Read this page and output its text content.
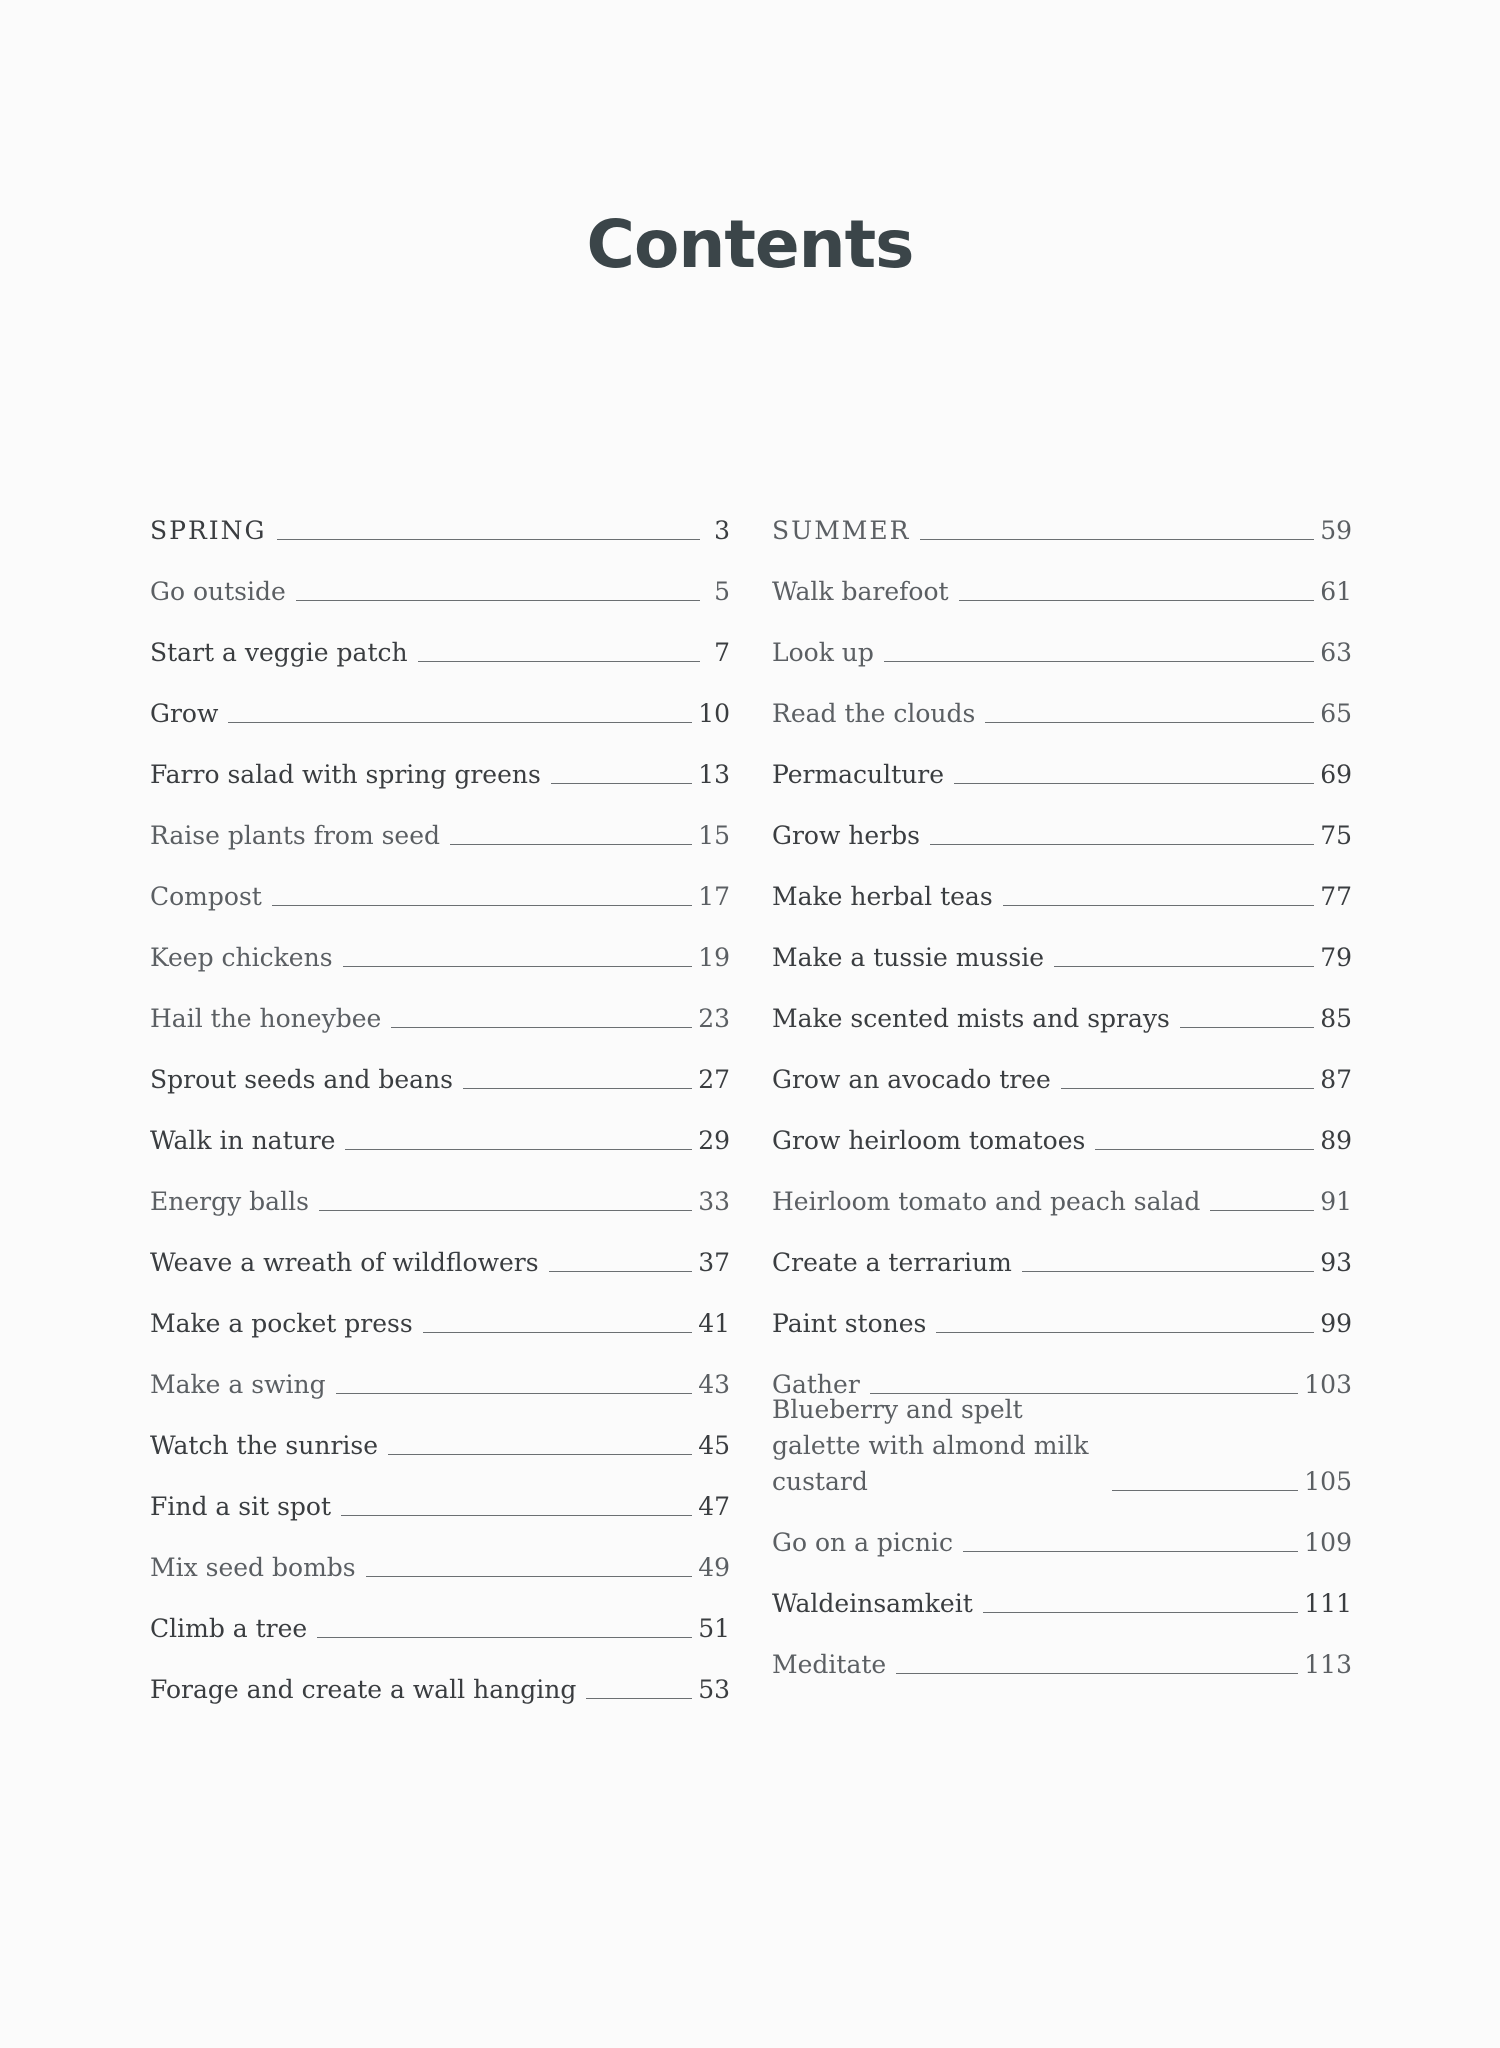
Contents
SPRING	3
Go outside	5
Start a veggie patch	7
Grow	10
Farro salad with spring greens	13
Raise plants from seed	15
Compost	17
Keep chickens	19
Hail the honeybee	23
Sprout seeds and beans	27
Walk in nature	29
Energy balls	33
Weave a wreath of wildflowers	37
Make a pocket press	41
Make a swing	43
Watch the sunrise	45
Find a sit spot	47
Mix seed bombs	49
Climb a tree	51
Forage and create a wall hanging	53
SUMMER	59
Walk barefoot	61
Look up	63
Read the clouds	65
Permaculture	69
Grow herbs	75
Make herbal teas	77
Make a tussie mussie	79
Make scented mists and sprays	85
Grow an avocado tree	87
Grow heirloom tomatoes	89
Heirloom tomato and peach salad	91
Create a terrarium	93
Paint stones	99
Gather	103
Blueberry and spelt galette with almond milk custard	105
Go on a picnic	109
Waldeinsamkeit	111
Meditate	113
